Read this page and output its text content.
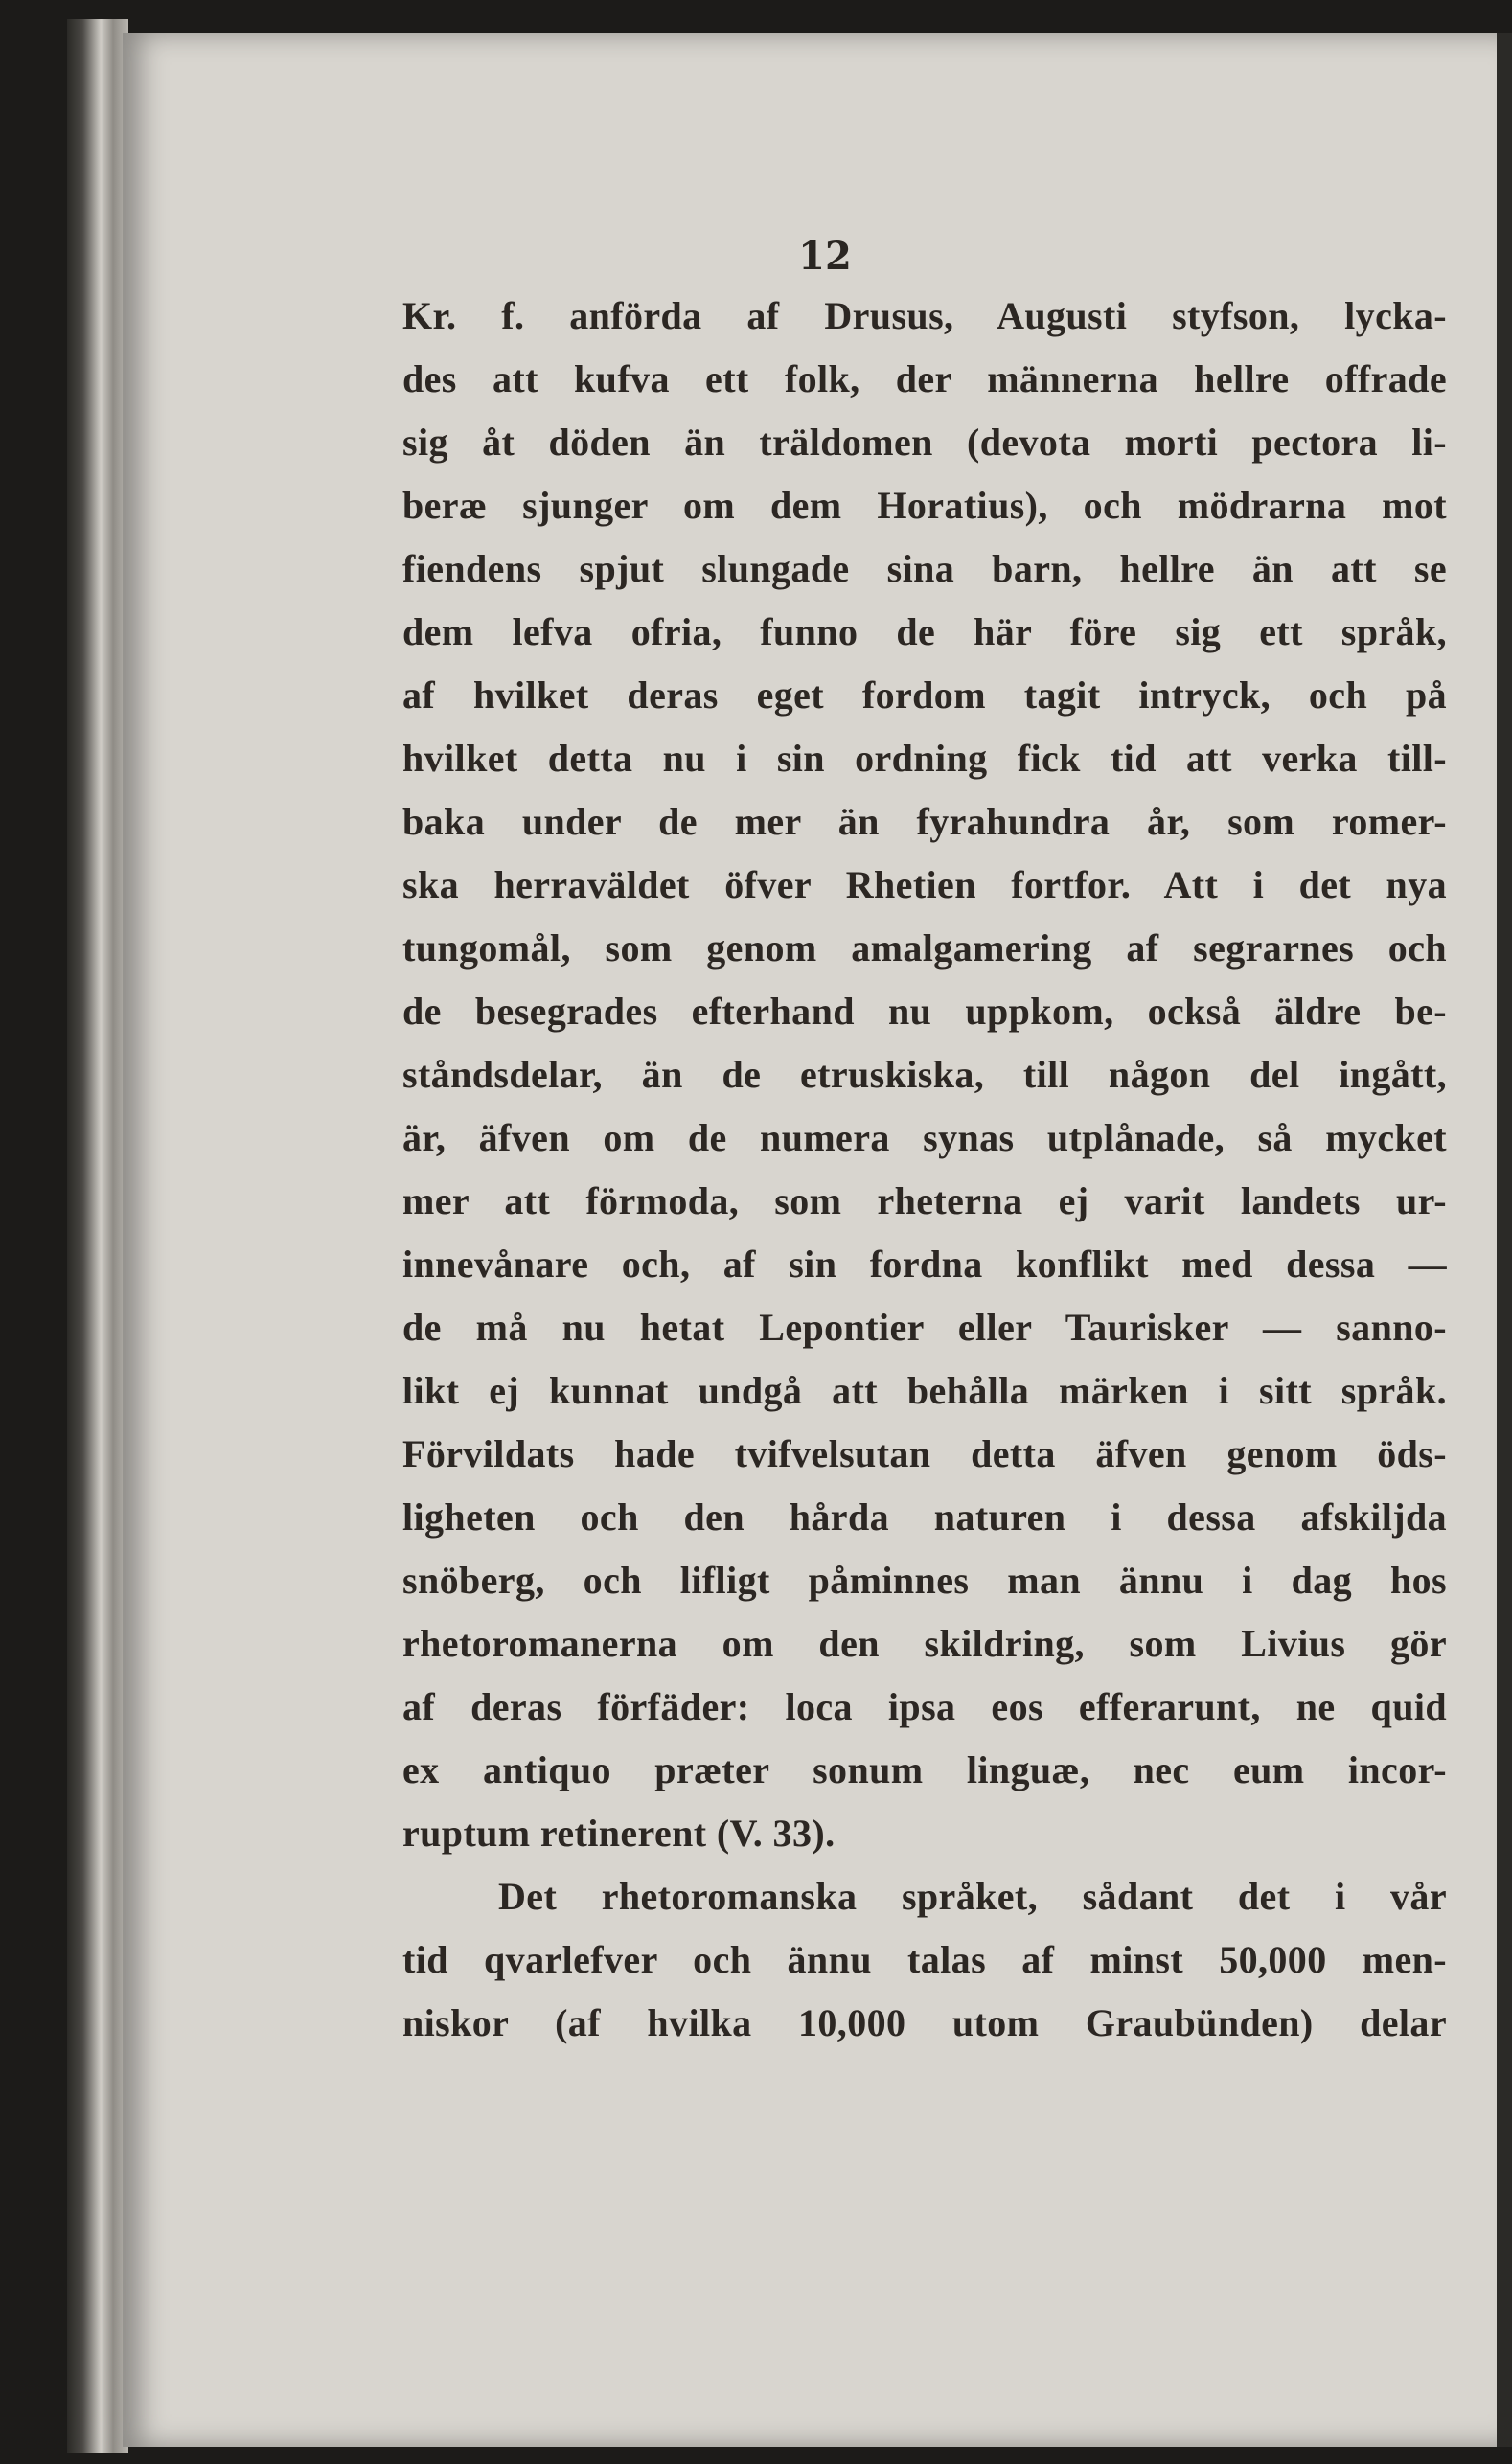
12
Kr. f. anförda af Drusus, Augusti styfson, lycka-
des att kufva ett folk, der männerna hellre offrade
sig åt döden än träldomen (devota morti pectora li-
beræ sjunger om dem Horatius), och mödrarna mot
fiendens spjut slungade sina barn, hellre än att se
dem lefva ofria, funno de här före sig ett språk,
af hvilket deras eget fordom tagit intryck, och på
hvilket detta nu i sin ordning fick tid att verka till-
baka under de mer än fyrahundra år, som romer-
ska herraväldet öfver Rhetien fortfor. Att i det nya
tungomål, som genom amalgamering af segrarnes och
de besegrades efterhand nu uppkom, också äldre be-
ståndsdelar, än de etruskiska, till någon del ingått,
är, äfven om de numera synas utplånade, så mycket
mer att förmoda, som rheterna ej varit landets ur-
innevånare och, af sin fordna konflikt med dessa —
de må nu hetat Lepontier eller Taurisker — sanno-
likt ej kunnat undgå att behålla märken i sitt språk.
Förvildats hade tvifvelsutan detta äfven genom öds-
ligheten och den hårda naturen i dessa afskiljda
snöberg, och lifligt påminnes man ännu i dag hos
rhetoromanerna om den skildring, som Livius gör
af deras förfäder: loca ipsa eos efferarunt, ne quid
ex antiquo præter sonum linguæ, nec eum incor-
ruptum retinerent (V. 33).
Det rhetoromanska språket, sådant det i vår
tid qvarlefver och ännu talas af minst 50,000 men-
niskor (af hvilka 10,000 utom Graubünden) delar
